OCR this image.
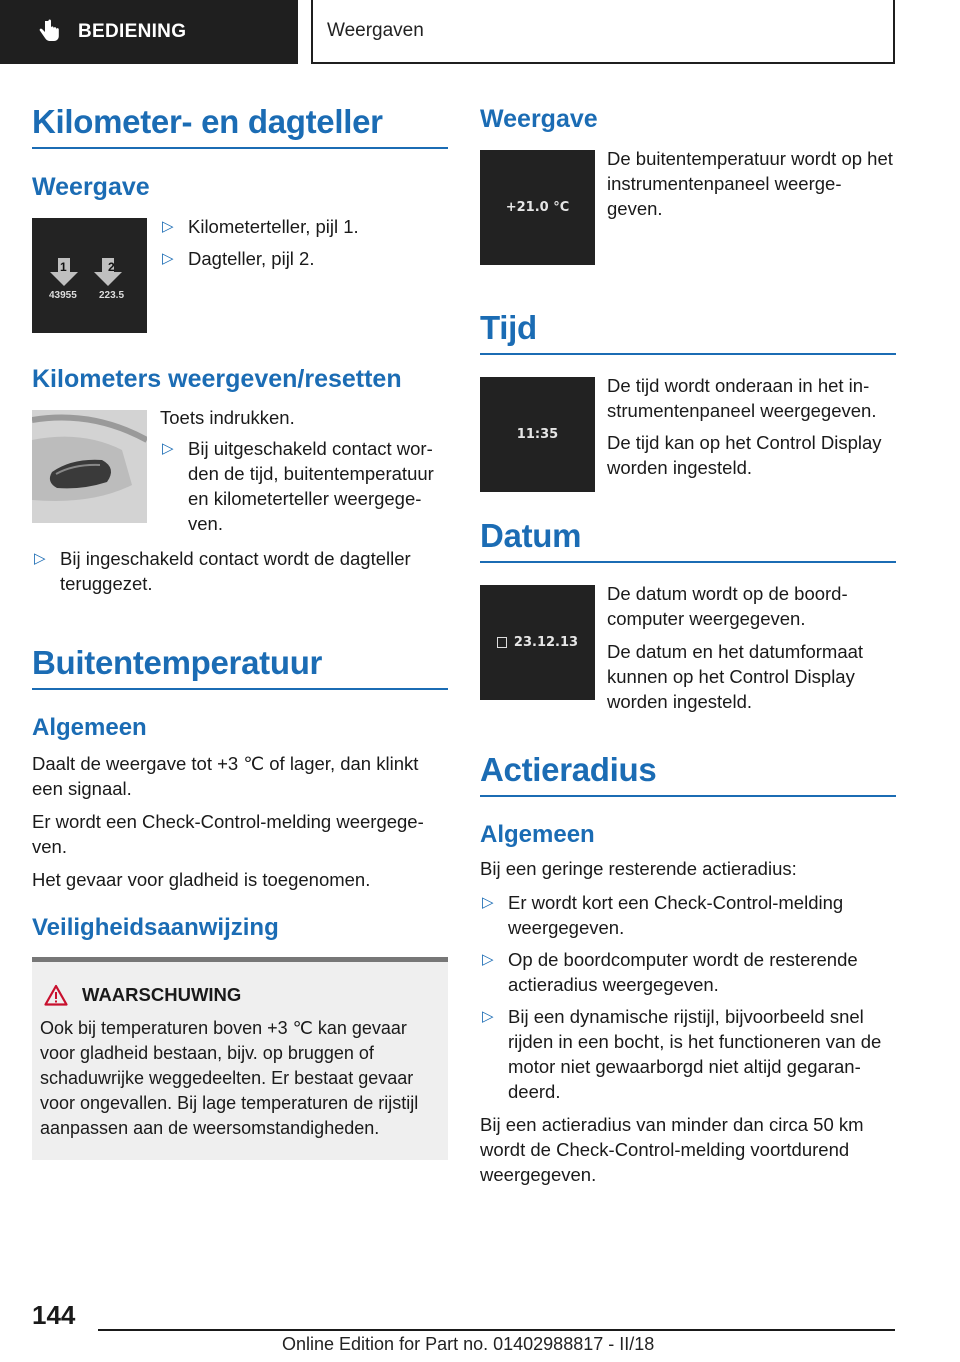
BEDIENING	Weergaven
Kilometer- en dagteller
Weergave
1	2
43955 223.5
▷ Kilometerteller, pijl 1.
▷ Dagteller, pijl 2.
Kilometers weergeven/resetten

Toets indrukken.

▷ Bij uitgeschakeld contact wor-den de tijd, buitentemperatuur en kilometerteller weergege-ven.
▷ Bij ingeschakeld contact wordt de dagteller teruggezet.
Buitentemperatuur
Algemeen

Daalt de weergave tot +3 ℃ of lager, dan klinkt een signaal.

Er wordt een Check-Control-melding weergege-ven.

Het gevaar voor gladheid is toegenomen.

Veiligheidsaanwijzing
WAARSCHUWING

Ook bij temperaturen boven +3 ℃ kan gevaar voor gladheid bestaan, bijv. op bruggen of schaduwrijke weggedeelten. Er bestaat gevaar voor ongevallen. Bij lage temperaturen de rijstijl aanpassen aan de weersomstandigheden.

Weergave
+21.0 °C

De buitentemperatuur wordt op het instrumentenpaneel weerge-geven.

Tijd
11:35

De tijd wordt onderaan in het in-strumentenpaneel weergegeven.

De tijd kan op het Control Display worden ingesteld.

Datum
23.12.13

De datum wordt op de boord-computer weergegeven.

De datum en het datumformaat kunnen op het Control Display worden ingesteld.

Actieradius
Algemeen

Bij een geringe resterende actieradius:

▷ Er wordt kort een Check-Control-melding weergegeven.
▷ Op de boordcomputer wordt de resterende actieradius weergegeven.
▷ Bij een dynamische rijstijl, bijvoorbeeld snel rijden in een bocht, is het functioneren van de motor niet gewaarborgd niet altijd gegaran-deerd.

Bij een actieradius van minder dan circa 50 km wordt de Check-Control-melding voortdurend weergegeven.

144
Online Edition for Part no. 01402988817 - II/18
